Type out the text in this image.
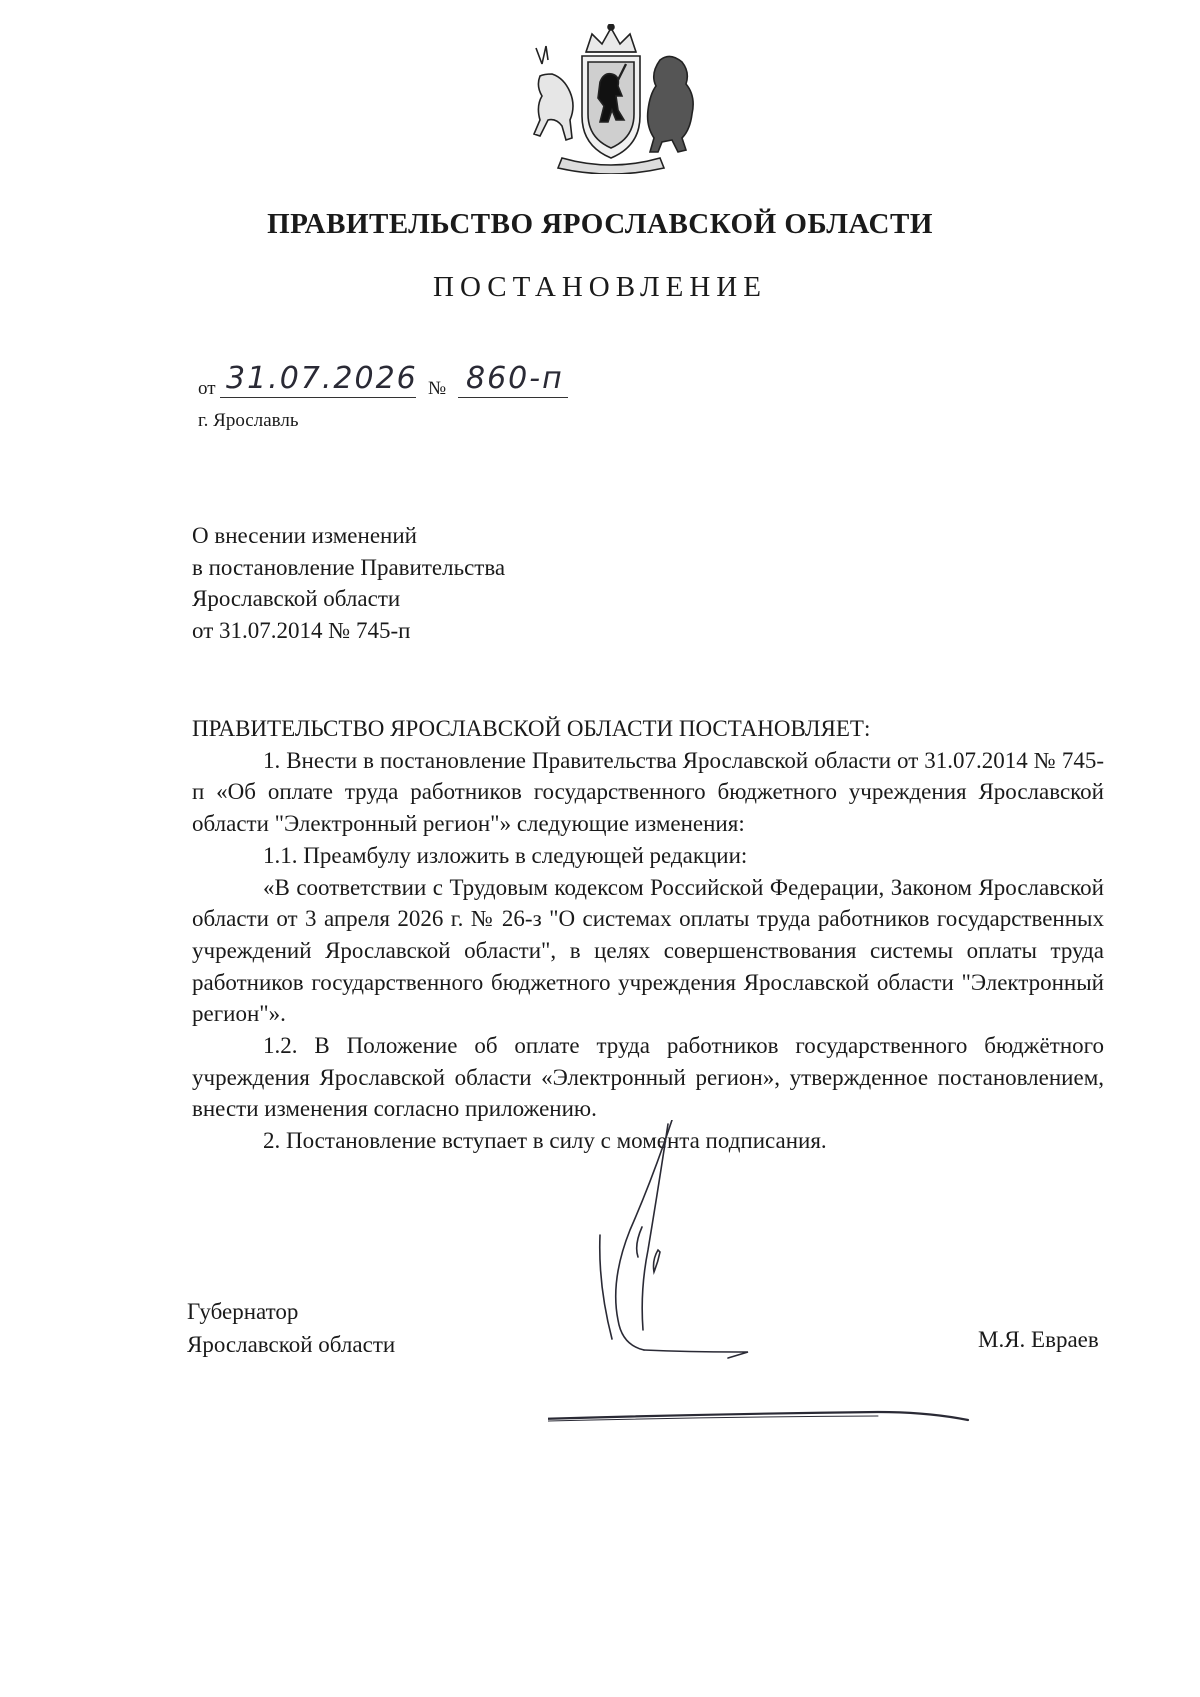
ПРАВИТЕЛЬСТВО ЯРОСЛАВСКОЙ ОБЛАСТИ
ПОСТАНОВЛЕНИЕ
от 31.07.2026 № 860-п
г. Ярославль
О внесении изменений
в постановление Правительства
Ярославской области
от 31.07.2014 № 745-п

ПРАВИТЕЛЬСТВО ЯРОСЛАВСКОЙ ОБЛАСТИ ПОСТАНОВЛЯЕТ:

1. Внести в постановление Правительства Ярославской области от 31.07.2014 № 745-п «Об оплате труда работников государственного бюджетного учреждения Ярославской области "Электронный регион"» следующие изменения:

1.1. Преамбулу изложить в следующей редакции:

«В соответствии с Трудовым кодексом Российской Федерации, Законом Ярославской области от 3 апреля 2026 г. № 26-з "О системах оплаты труда работников государственных учреждений Ярославской области", в целях совершенствования системы оплаты труда работников государственного бюджетного учреждения Ярославской области "Электронный регион"».

1.2. В Положение об оплате труда работников государственного бюджётного учреждения Ярославской области «Электронный регион», утвержденное постановлением, внести изменения согласно приложению.

2. Постановление вступает в силу с момента подписания.

Губернатор
Ярославской области	М.Я. Евраев
